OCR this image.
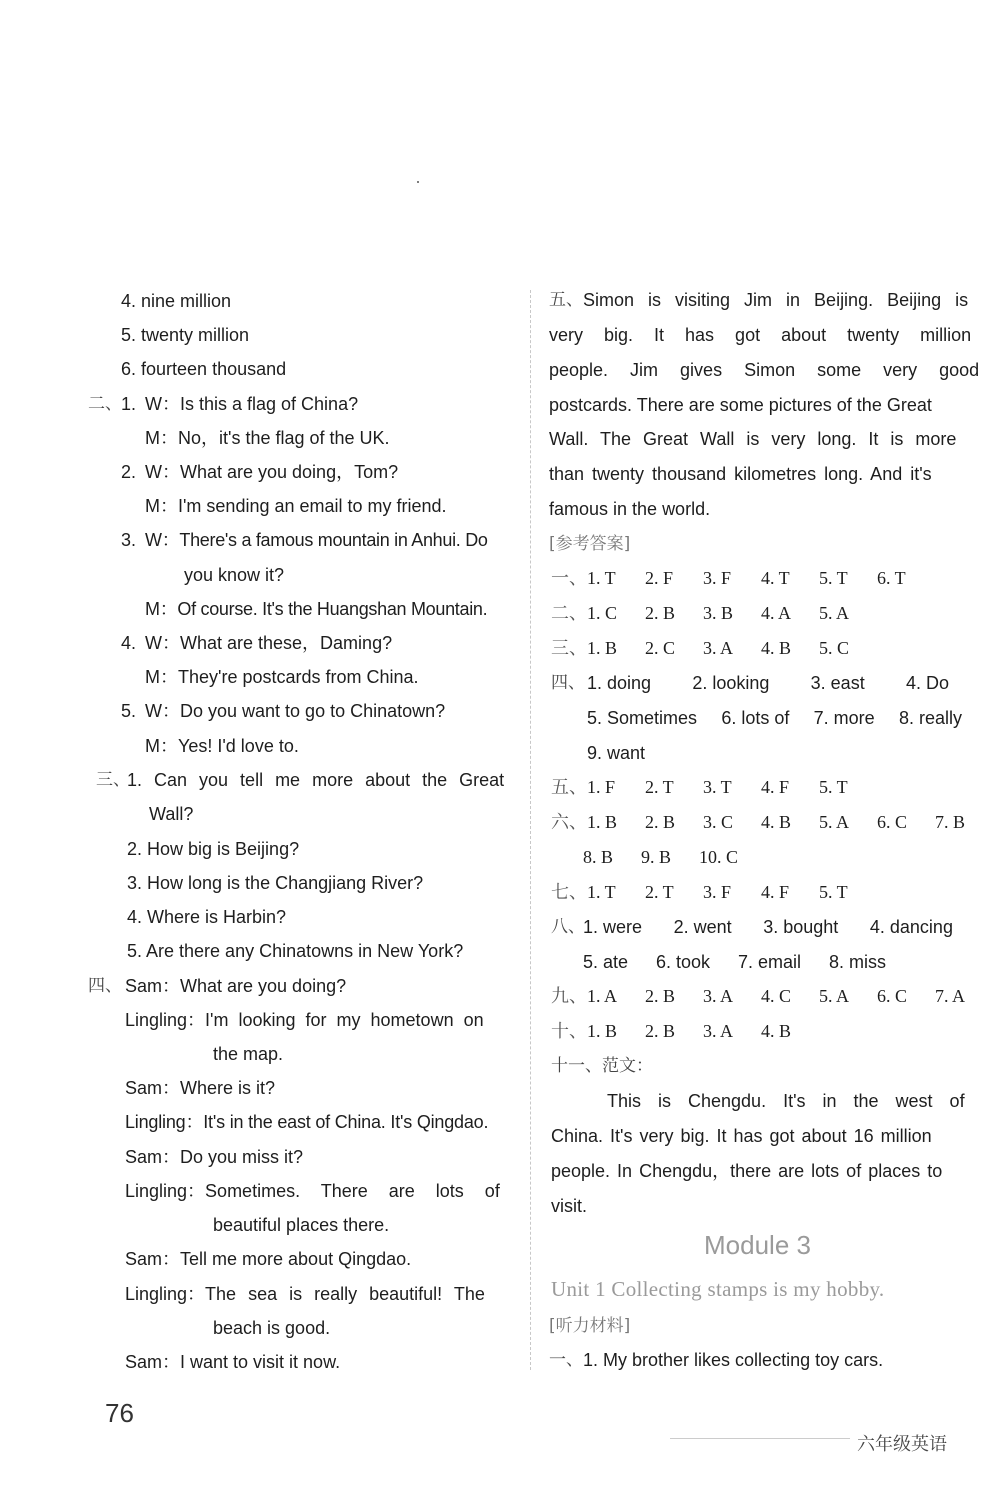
4. nine million
5. twenty million
6. fourteen thousand
二、 1. W：Is this a flag of China?
M：No，it's the flag of the UK.
2. W：What are you doing，Tom?
M：I'm sending an email to my friend.
3. W：There's a famous mountain in Anhui. Do
you know it?
M：Of course. It's the Huangshan Mountain.
4. W：What are these，Daming?
M：They're postcards from China.
5. W：Do you want to go to Chinatown?
M：Yes! I'd love to.
三、
1. Can you tell me more about the Great
Wall?
2. How big is Beijing?
3. How long is the Changjiang River?
4. Where is Harbin?
5. Are there any Chinatowns in New York?
四、 Sam：What are you doing?
Lingling：I'm looking for my hometown on
the map.
Sam：Where is it?
Lingling：It's in the east of China. It's Qingdao.
Sam：Do you miss it?
Lingling：Sometimes. There are lots of
beautiful places there.
Sam：Tell me more about Qingdao.
Lingling：The sea is really beautiful! The
beach is good.
Sam：I want to visit it now.
五、 Simon is visiting Jim in Beijing. Beijing is
very big. It has got about twenty million
people. Jim gives Simon some very good
postcards. There are some pictures of the Great
Wall. The Great Wall is very long. It is more
than twenty thousand kilometres long. And it's
famous in the world.
[参考答案]
一、1. T 2. F 3. F 4. T 5. T 6. T
二、1. C 2. B 3. B 4. A 5. A
三、1. B 2. C 3. A 4. B 5. C
四、 1. doing 2. looking 3. east 4. Do
5. Sometimes 6. lots of 7. more 8. really
9. want
五、1. F 2. T 3. T 4. F 5. T
六、1. B 2. B 3. C 4. B 5. A 6. C 7. B
8. B 9. B 10. C
七、1. T 2. T 3. F 4. F 5. T
八、
1. were 2. went 3. bought 4. dancing
5. ate 6. took 7. email 8. miss
九、1. A 2. B 3. A 4. C 5. A 6. C 7. A
十、1. B 2. B 3. A 4. B
十一、范文：
This is Chengdu. It's in the west of
China. It's very big. It has got about 16 million
people. In Chengdu，there are lots of places to
visit.
Module 3
Unit 1 Collecting stamps is my hobby.
[听力材料]
一、 1. My brother likes collecting toy cars.
76
六年级英语
